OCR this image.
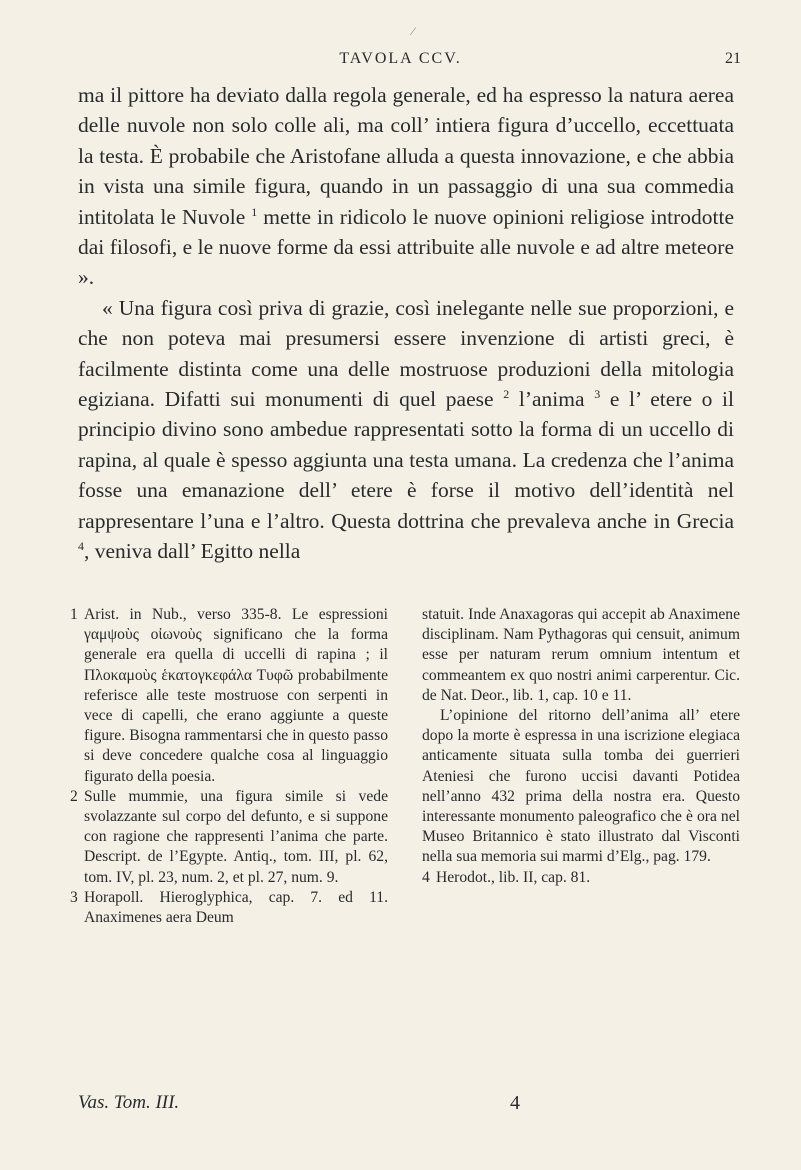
⁄
TAVOLA CCV.	21

ma il pittore ha deviato dalla regola generale, ed ha espresso la natura aerea delle nuvole non solo colle ali, ma coll’ intiera figura d’uccello, eccettuata la testa. È probabile che Aristofane alluda a questa innovazione, e che abbia in vista una simile figura, quando in un passaggio di una sua commedia intitolata le Nuvole $^1$ mette in ridicolo le nuove opinioni religiose introdotte dai filosofi, e le nuove forme da essi attribuite alle nuvole e ad altre meteore ».

« Una figura così priva di grazie, così inelegante nelle sue proporzioni, e che non poteva mai presumersi essere invenzione di artisti greci, è facilmente distinta come una delle mostruose produzioni della mitologia egiziana. Difatti sui monumenti di quel paese $^2$ l’anima $^3$ e l’ etere o il principio divino sono ambedue rappresentati sotto la forma di un uccello di rapina, al quale è spesso aggiunta una testa umana. La credenza che l’anima fosse una emanazione dell’ etere è forse il motivo dell’identità nel rappresentare l’una e l’altro. Questa dottrina che prevaleva anche in Grecia $^4$, veniva dall’ Egitto nella

1 Arist. in Nub., verso 335-8. Le espressioni γαμψοὺς οἰωνοὺς significano che la forma generale era quella di uccelli di rapina ; il Πλοκαμοὺς ἑκατογκεφάλα Τυφῶ probabilmente referisce alle teste mostruose con serpenti in vece di capelli, che erano aggiunte a queste figure. Bisogna rammentarsi che in questo passo si deve concedere qualche cosa al linguaggio figurato della poesia.
2 Sulle mummie, una figura simile si vede svolazzante sul corpo del defunto, e si suppone con ragione che rappresenti l’anima che parte. Descript. de l’Egypte. Antiq., tom. III, pl. 62, tom. IV, pl. 23, num. 2, et pl. 27, num. 9.
3 Horapoll. Hieroglyphica, cap. 7. ed 11. Anaximenes aera Deum
statuit. Inde Anaxagoras qui accepit ab Anaximene disciplinam. Nam Pythagoras qui censuit, animum esse per naturam rerum omnium intentum et commeantem ex quo nostri animi carperentur. Cic. de Nat. Deor., lib. 1, cap. 10 e 11.
L’opinione del ritorno dell’anima all’ etere dopo la morte è espressa in una iscrizione elegiaca anticamente situata sulla tomba dei guerrieri Ateniesi che furono uccisi davanti Potidea nell’anno 432 prima della nostra era. Questo interessante monumento paleografico che è ora nel Museo Britannico è stato illustrato dal Visconti nella sua memoria sui marmi d’Elg., pag. 179.
4 Herodot., lib. II, cap. 81.
Vas. Tom. III.	4
